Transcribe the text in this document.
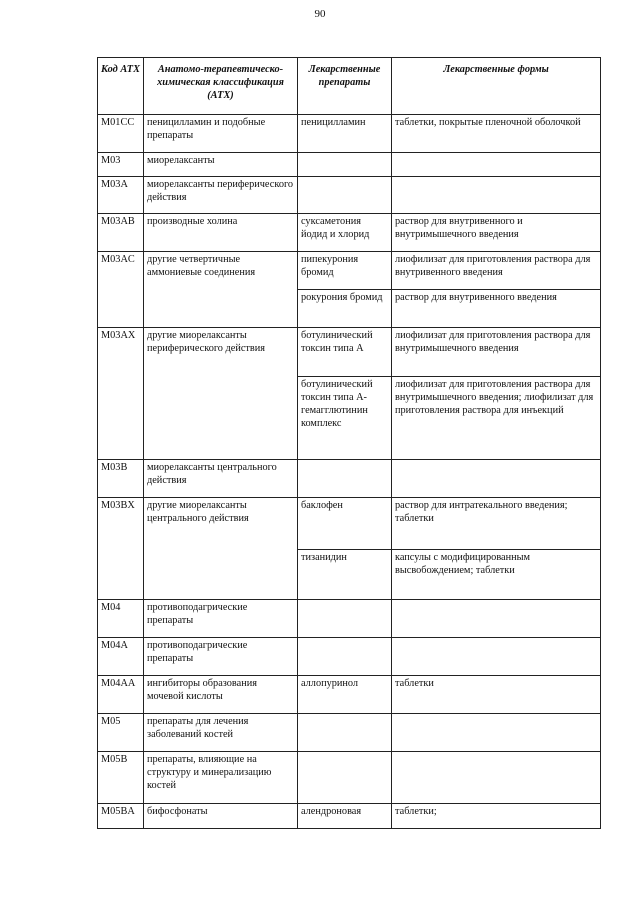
90
Код АТХ	Анатомо-терапевтическо-химическая классификация (АТХ)	Лекарственные препараты	Лекарственные формы
M01CC	пеницилламин и подобные препараты	пеницилламин	таблетки, покрытые пленочной оболочкой
M03	миорелаксанты		
M03A	миорелаксанты периферического действия		
M03AB	производные холина	суксаметония йодид и хлорид	раствор для внутривенного и внутримышечного введения
M03AC	другие четвертичные аммониевые соединения	пипекурония бромид	лиофилизат для приготовления раствора для внутривенного введения
		рокурония бромид	раствор для внутривенного введения
M03AX	другие миорелаксанты периферического действия	ботулинический токсин типа А	лиофилизат для приготовления раствора для внутримышечного введения
		ботулинический токсин типа А-гемагглютинин комплекс	лиофилизат для приготовления раствора для внутримышечного введения; лиофилизат для приготовления раствора для инъекций
M03B	миорелаксанты центрального действия		
M03BX	другие миорелаксанты центрального действия	баклофен	раствор для интратекального введения; таблетки
		тизанидин	капсулы с модифицированным высвобождением; таблетки
M04	противоподагрические препараты		
M04A	противоподагрические препараты		
M04AA	ингибиторы образования мочевой кислоты	аллопуринол	таблетки
M05	препараты для лечения заболеваний костей		
M05B	препараты, влияющие на структуру и минерализацию костей		
M05BA	бифосфонаты	алендроновая	таблетки;
